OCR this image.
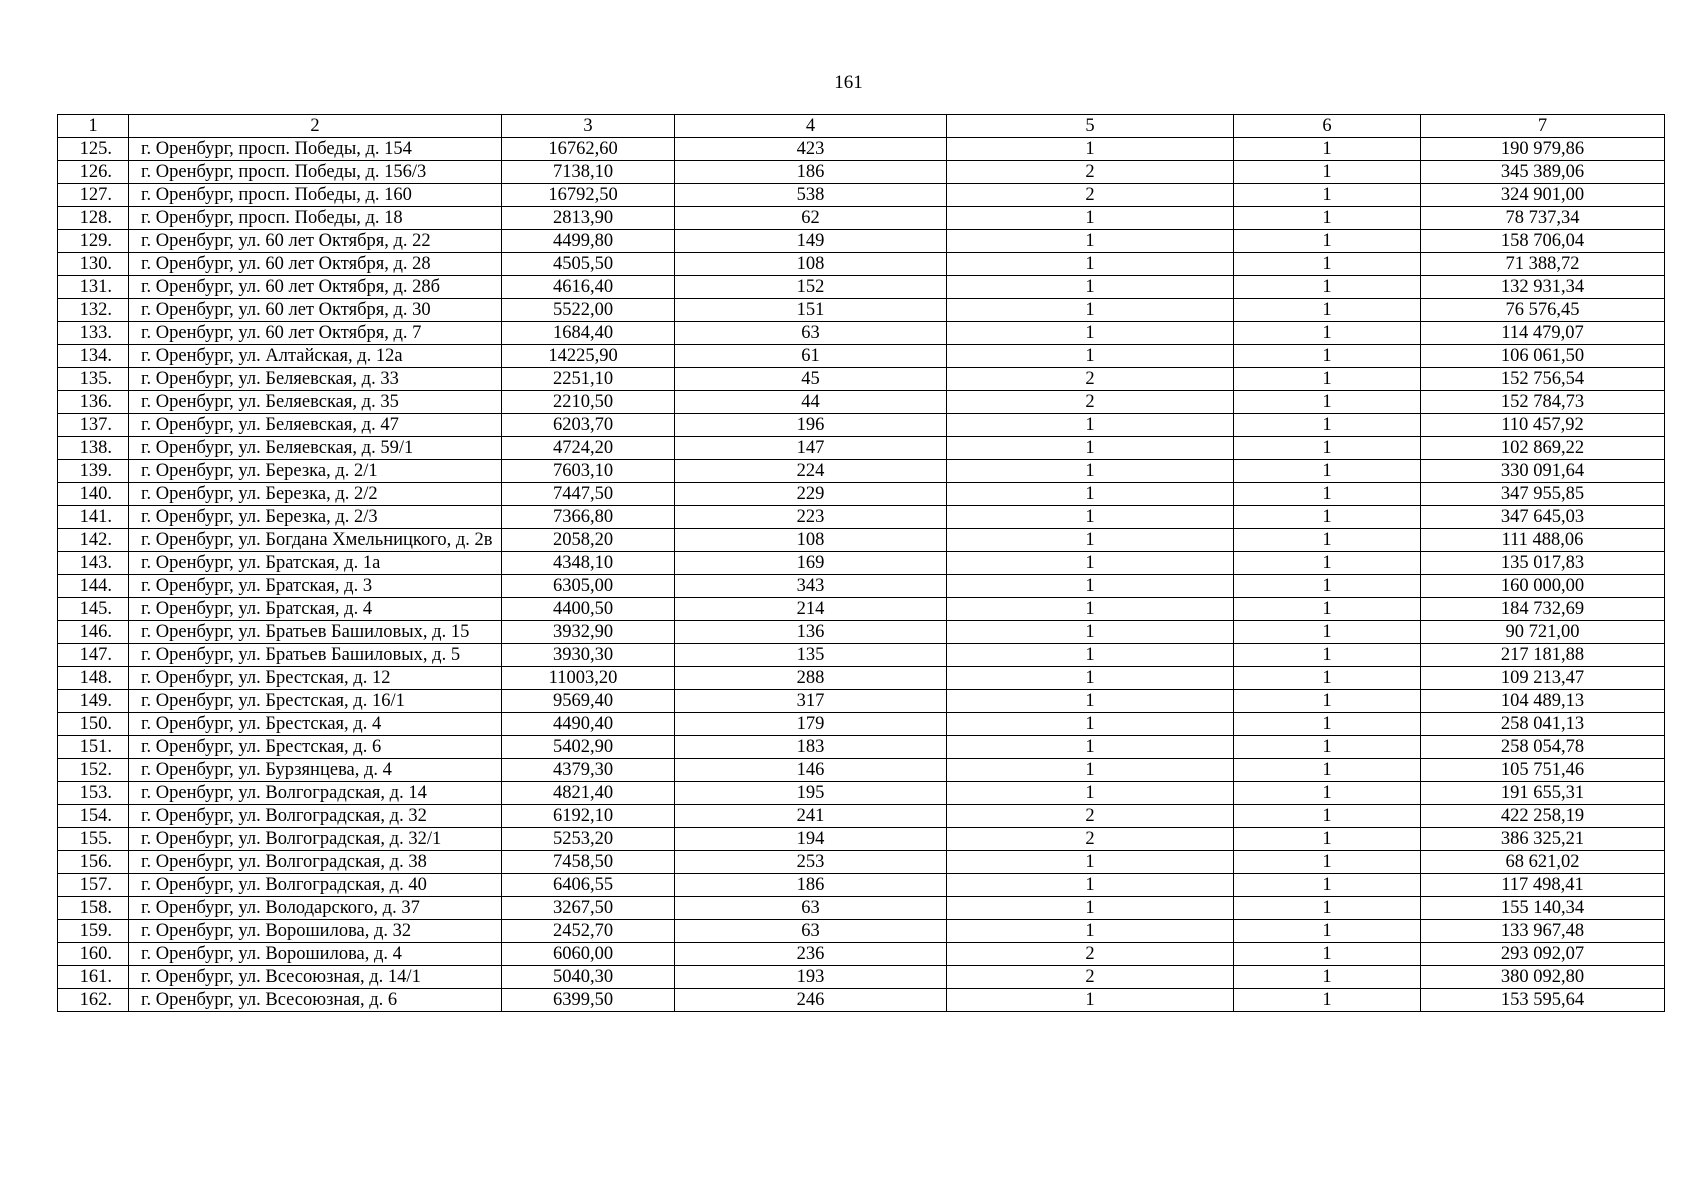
161
1	2	3	4	5	6	7
125.	г. Оренбург, просп. Победы, д. 154	16762,60	423	1	1	190 979,86
126.	г. Оренбург, просп. Победы, д. 156/3	7138,10	186	2	1	345 389,06
127.	г. Оренбург, просп. Победы, д. 160	16792,50	538	2	1	324 901,00
128.	г. Оренбург, просп. Победы, д. 18	2813,90	62	1	1	78 737,34
129.	г. Оренбург, ул. 60 лет Октября, д. 22	4499,80	149	1	1	158 706,04
130.	г. Оренбург, ул. 60 лет Октября, д. 28	4505,50	108	1	1	71 388,72
131.	г. Оренбург, ул. 60 лет Октября, д. 28б	4616,40	152	1	1	132 931,34
132.	г. Оренбург, ул. 60 лет Октября, д. 30	5522,00	151	1	1	76 576,45
133.	г. Оренбург, ул. 60 лет Октября, д. 7	1684,40	63	1	1	114 479,07
134.	г. Оренбург, ул. Алтайская, д. 12а	14225,90	61	1	1	106 061,50
135.	г. Оренбург, ул. Беляевская, д. 33	2251,10	45	2	1	152 756,54
136.	г. Оренбург, ул. Беляевская, д. 35	2210,50	44	2	1	152 784,73
137.	г. Оренбург, ул. Беляевская, д. 47	6203,70	196	1	1	110 457,92
138.	г. Оренбург, ул. Беляевская, д. 59/1	4724,20	147	1	1	102 869,22
139.	г. Оренбург, ул. Березка, д. 2/1	7603,10	224	1	1	330 091,64
140.	г. Оренбург, ул. Березка, д. 2/2	7447,50	229	1	1	347 955,85
141.	г. Оренбург, ул. Березка, д. 2/3	7366,80	223	1	1	347 645,03
142.	г. Оренбург, ул. Богдана Хмельницкого, д. 2в	2058,20	108	1	1	111 488,06
143.	г. Оренбург, ул. Братская, д. 1а	4348,10	169	1	1	135 017,83
144.	г. Оренбург, ул. Братская, д. 3	6305,00	343	1	1	160 000,00
145.	г. Оренбург, ул. Братская, д. 4	4400,50	214	1	1	184 732,69
146.	г. Оренбург, ул. Братьев Башиловых, д. 15	3932,90	136	1	1	90 721,00
147.	г. Оренбург, ул. Братьев Башиловых, д. 5	3930,30	135	1	1	217 181,88
148.	г. Оренбург, ул. Брестская, д. 12	11003,20	288	1	1	109 213,47
149.	г. Оренбург, ул. Брестская, д. 16/1	9569,40	317	1	1	104 489,13
150.	г. Оренбург, ул. Брестская, д. 4	4490,40	179	1	1	258 041,13
151.	г. Оренбург, ул. Брестская, д. 6	5402,90	183	1	1	258 054,78
152.	г. Оренбург, ул. Бурзянцева, д. 4	4379,30	146	1	1	105 751,46
153.	г. Оренбург, ул. Волгоградская, д. 14	4821,40	195	1	1	191 655,31
154.	г. Оренбург, ул. Волгоградская, д. 32	6192,10	241	2	1	422 258,19
155.	г. Оренбург, ул. Волгоградская, д. 32/1	5253,20	194	2	1	386 325,21
156.	г. Оренбург, ул. Волгоградская, д. 38	7458,50	253	1	1	68 621,02
157.	г. Оренбург, ул. Волгоградская, д. 40	6406,55	186	1	1	117 498,41
158.	г. Оренбург, ул. Володарского, д. 37	3267,50	63	1	1	155 140,34
159.	г. Оренбург, ул. Ворошилова, д. 32	2452,70	63	1	1	133 967,48
160.	г. Оренбург, ул. Ворошилова, д. 4	6060,00	236	2	1	293 092,07
161.	г. Оренбург, ул. Всесоюзная, д. 14/1	5040,30	193	2	1	380 092,80
162.	г. Оренбург, ул. Всесоюзная, д. 6	6399,50	246	1	1	153 595,64
